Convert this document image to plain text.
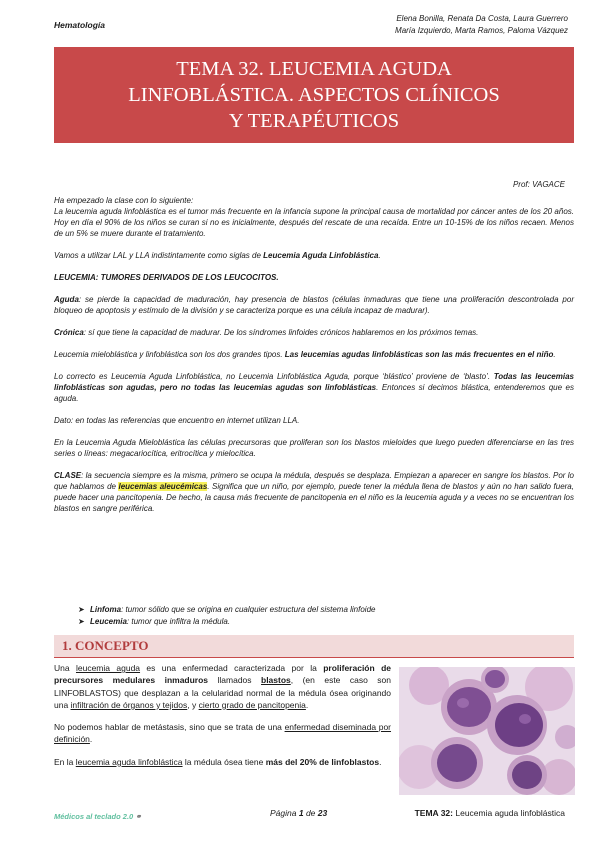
Hematología
Elena Bonilla, Renata Da Costa, Laura Guerrero
María Izquierdo, Marta Ramos, Paloma Vázquez
TEMA 32. LEUCEMIA AGUDA
LINFOBLÁSTICA. ASPECTOS CLÍNICOS
Y TERAPÉUTICOS
Prof: VAGACE

Ha empezado la clase con lo siguiente:

La leucemia aguda linfoblástica es el tumor más frecuente en la infancia supone la principal causa de mortalidad por cáncer antes de los 20 años. Hoy en día el 90% de los niños se curan si no es inicialmente, después del rescate de una recaída. Entre un 10-15% de los niños recaen. Menos de un 5% se muere durante el tratamiento.

Vamos a utilizar LAL y LLA indistintamente como siglas de Leucemia Aguda Linfoblástica.

LEUCEMIA: TUMORES DERIVADOS DE LOS LEUCOCITOS.

Aguda: se pierde la capacidad de maduración, hay presencia de blastos (células inmaduras que tiene una proliferación descontrolada por bloqueo de apoptosis y estímulo de la división y se caracteriza porque es una célula incapaz de madurar).

Crónica: sí que tiene la capacidad de madurar. De los síndromes linfoides crónicos hablaremos en los próximos temas.

Leucemia mieloblástica y linfoblástica son los dos grandes tipos. Las leucemias agudas linfoblásticas son las más frecuentes en el niño.

Lo correcto es Leucemia Aguda Linfoblástica, no Leucemia Linfoblástica Aguda, porque ‘blástico’ proviene de ‘blasto’. Todas las leucemias linfoblásticas son agudas, pero no todas las leucemias agudas son linfoblásticas. Entonces si decimos blástica, entenderemos que es aguda.

Dato: en todas las referencias que encuentro en internet utilizan LLA.

En la Leucemia Aguda Mieloblástica las células precursoras que proliferan son los blastos mieloides que luego pueden diferenciarse en las tres series o líneas: megacariocítica, eritrocítica y mielocítica.

CLASE: la secuencia siempre es la misma, primero se ocupa la médula, después se desplaza. Empiezan a aparecer en sangre los blastos. Por lo que hablamos de leucemias aleucémicas. Significa que un niño, por ejemplo, puede tener la médula llena de blastos y aún no han salido fuera, puede hacer una pancitopenia. De hecho, la causa más frecuente de pancitopenia en el niño es la leucemia aguda y a veces no se encuentran los blastos en sangre periférica.

➤ Linfoma: tumor sólido que se origina en cualquier estructura del sistema linfoide
➤ Leucemia: tumor que infiltra la médula.
1. CONCEPTO

Una leucemia aguda es una enfermedad caracterizada por la proliferación de precursores medulares inmaduros llamados blastos, (en este caso son LINFOBLASTOS) que desplazan a la celularidad normal de la médula ósea originando una infiltración de órganos y tejidos, y cierto grado de pancitopenia.

No podemos hablar de metástasis, sino que se trata de una enfermedad diseminada por definición.

En la leucemia aguda linfoblástica la médula ósea tiene más del 20% de linfoblastos.

Médicos al teclado 2.0 ⚭	Página 1 de 23	TEMA 32: Leucemia aguda linfoblástica
